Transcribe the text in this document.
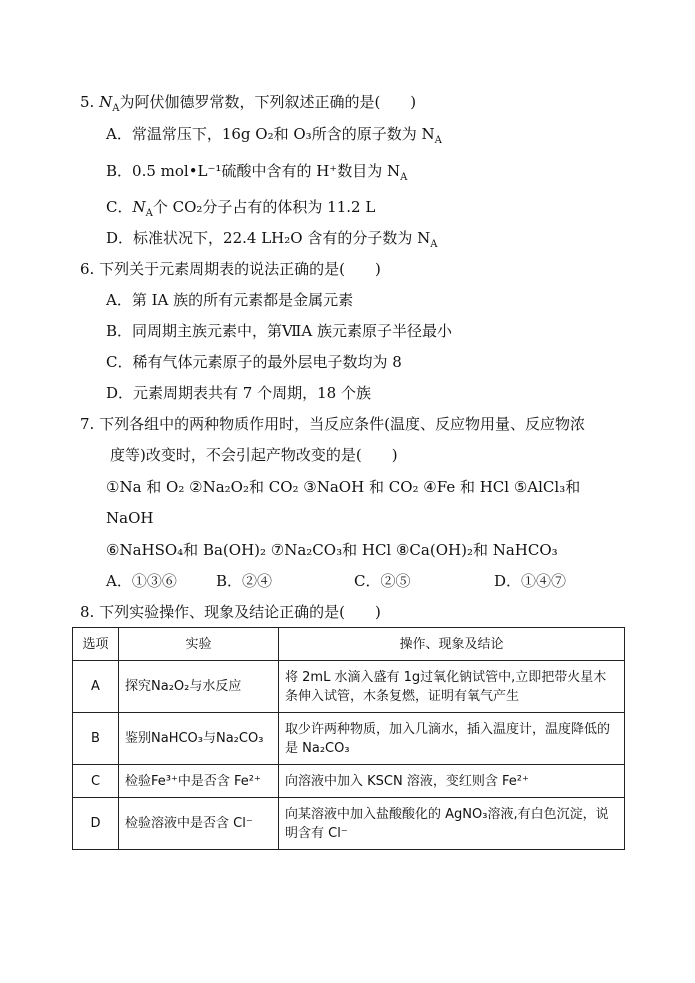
5. $N_A$为阿伏伽德罗常数，下列叙述正确的是(　　)
A．常温常压下，16g O₂和 O₃所含的原子数为 $N_A$
B．0.5 mol•L⁻¹硫酸中含有的 H⁺数目为 $N_A$
C．$N_A$个 CO₂分子占有的体积为 11.2 L
D．标准状况下，22.4 LH₂O 含有的分子数为 $N_A$
6. 下列关于元素周期表的说法正确的是(　　)
A．第 IA 族的所有元素都是金属元素
B．同周期主族元素中，第ⅦA 族元素原子半径最小
C．稀有气体元素原子的最外层电子数均为 8
D．元素周期表共有 7 个周期，18 个族
7. 下列各组中的两种物质作用时，当反应条件(温度、反应物用量、反应物浓
度等)改变时，不会引起产物改变的是(　　)
①Na 和 O₂ ②Na₂O₂和 CO₂ ③NaOH 和 CO₂ ④Fe 和 HCl ⑤AlCl₃和
NaOH
⑥NaHSO₄和 Ba(OH)₂ ⑦Na₂CO₃和 HCl ⑧Ca(OH)₂和 NaHCO₃
A．①③⑥	B．②④	C．②⑤	D．①④⑦
8. 下列实验操作、现象及结论正确的是(　　)
选项	实验	操作、现象及结论
A	探究Na₂O₂与水反应	将 2mL 水滴入盛有 1g过氧化钠试管中,立即把带火星木条伸入试管，木条复燃，证明有氧气产生
B	鉴别NaHCO₃与Na₂CO₃	取少许两种物质，加入几滴水，插入温度计，温度降低的是 Na₂CO₃
C	检验Fe³⁺中是否含 Fe²⁺	向溶液中加入 KSCN 溶液，变红则含 Fe²⁺
D	检验溶液中是否含 Cl⁻	向某溶液中加入盐酸酸化的 AgNO₃溶液,有白色沉淀，说明含有 Cl⁻
